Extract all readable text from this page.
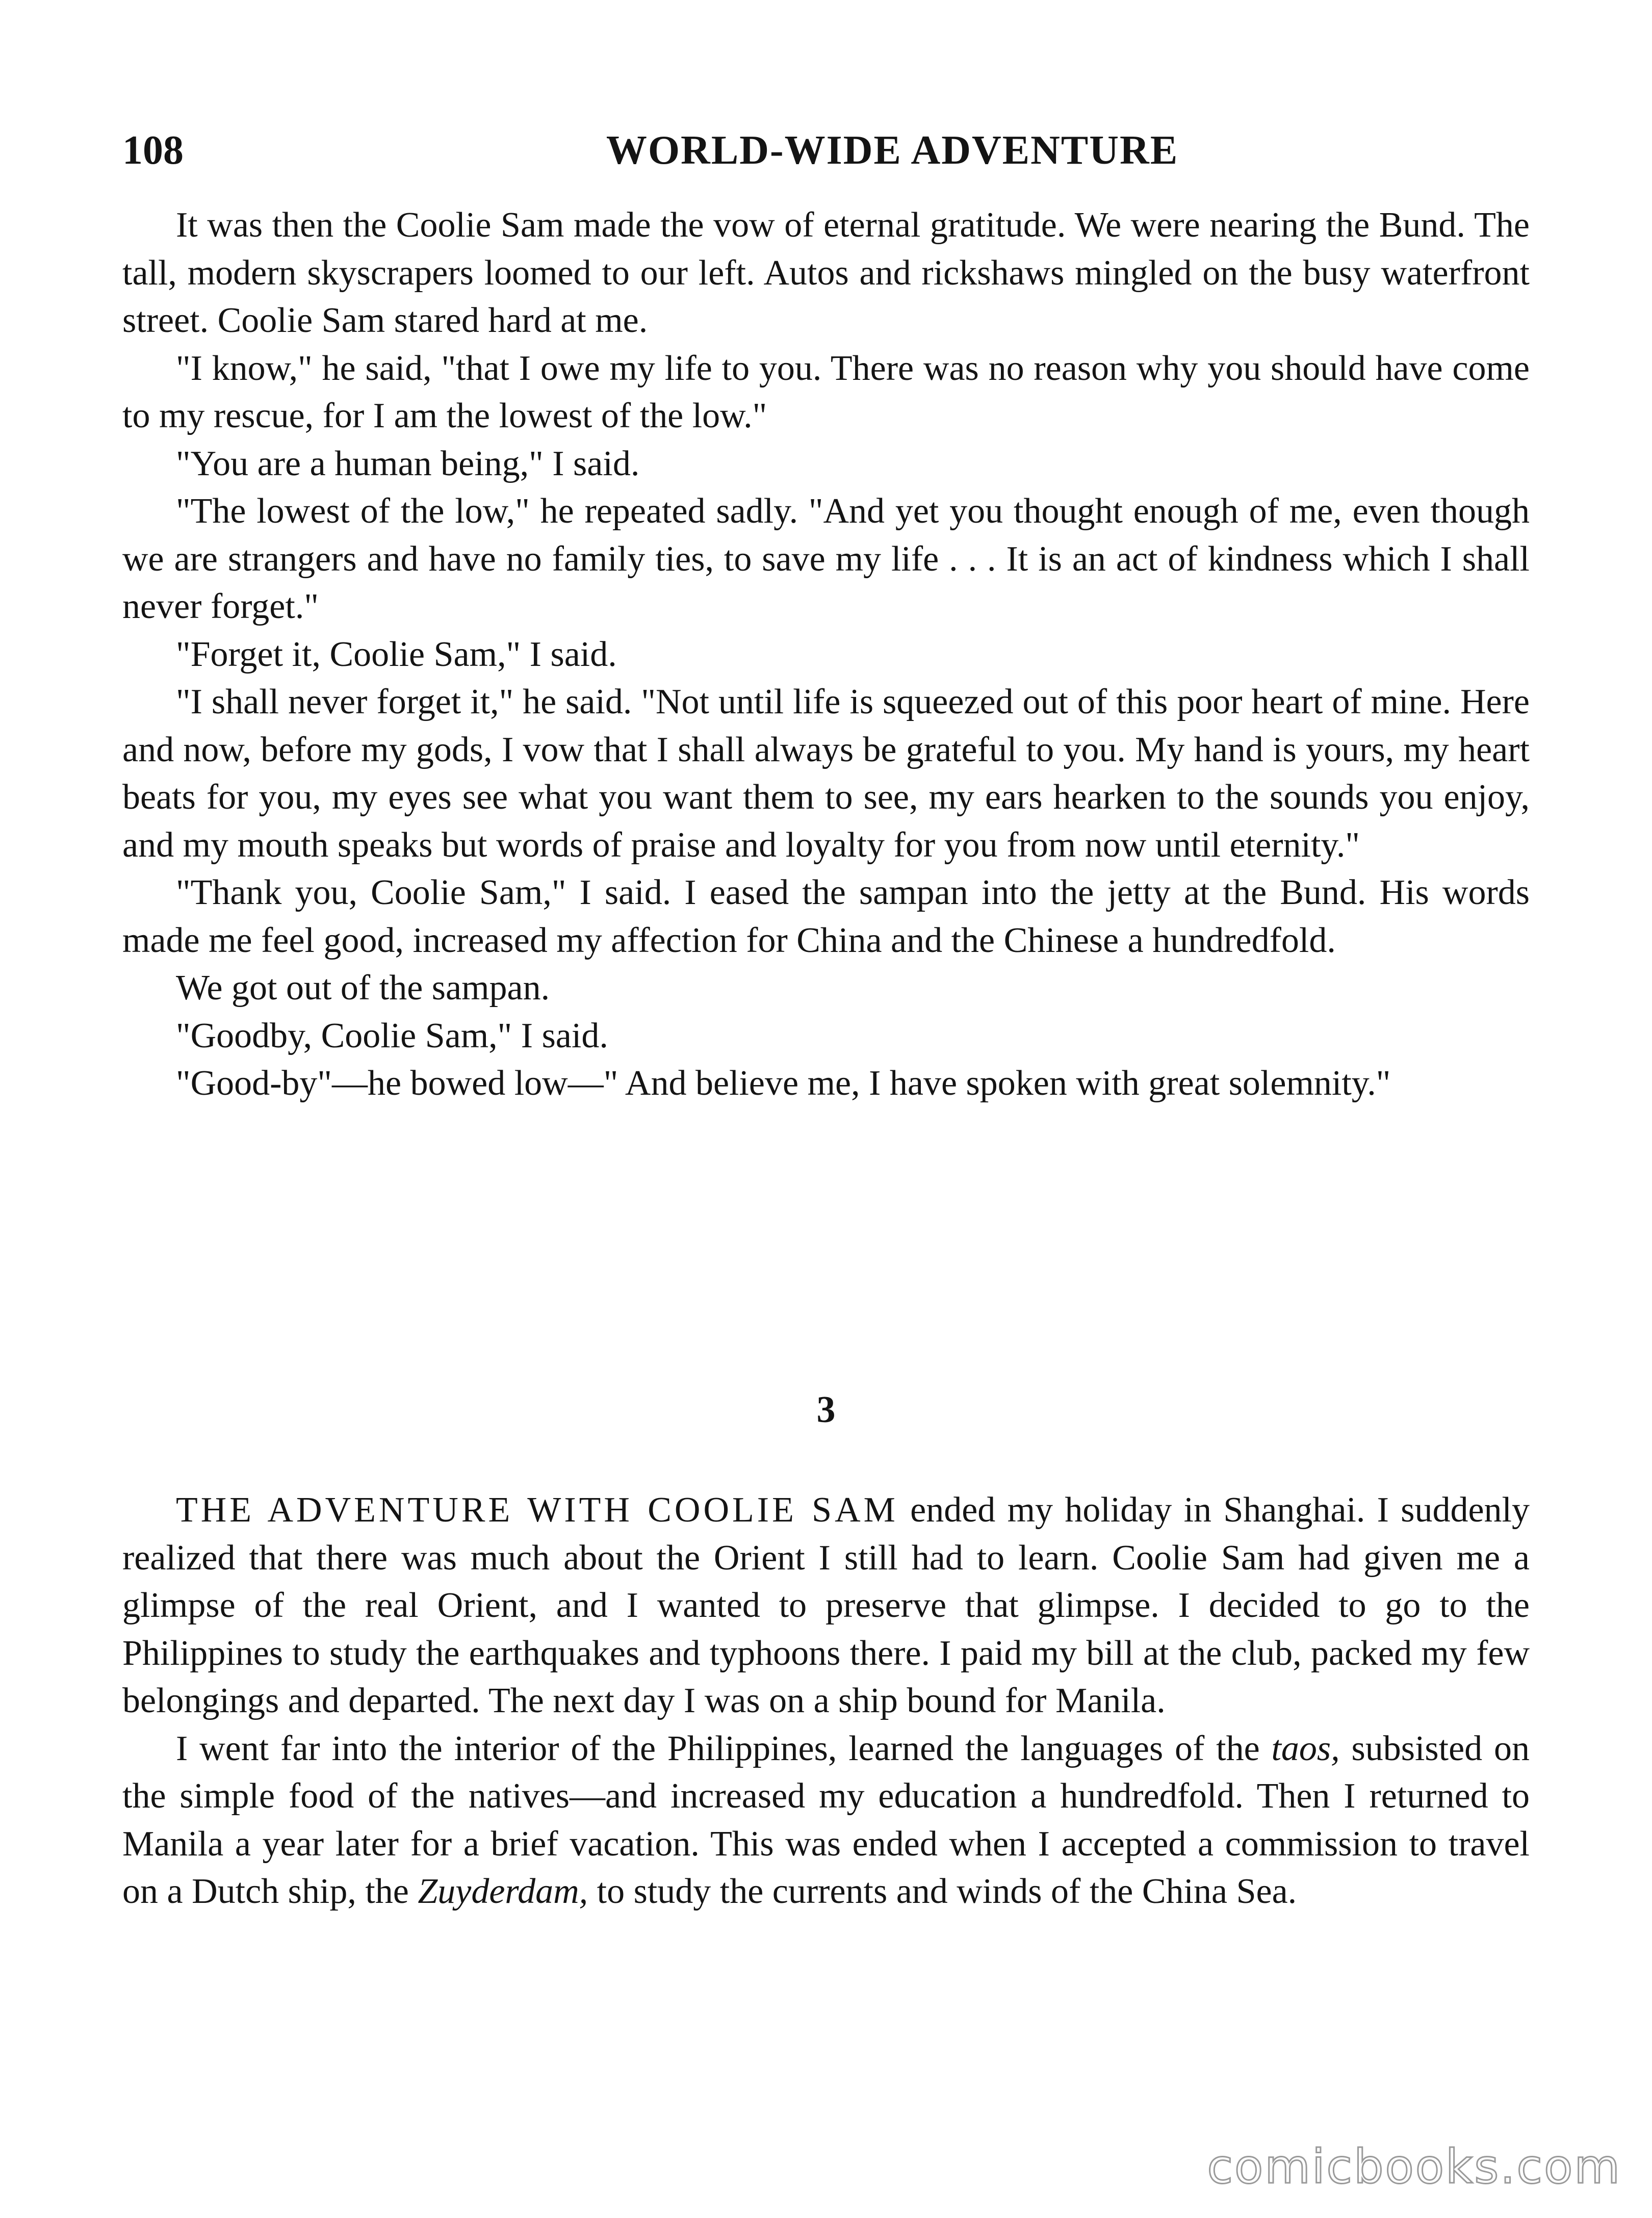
108	WORLD-WIDE ADVENTURE

It was then the Coolie Sam made the vow of eternal gratitude. We were nearing the Bund. The tall, modern skyscrapers loomed to our left. Autos and rickshaws mingled on the busy waterfront street. Coolie Sam stared hard at me.

"I know," he said, "that I owe my life to you. There was no reason why you should have come to my rescue, for I am the lowest of the low."

"You are a human being," I said.

"The lowest of the low," he repeated sadly. "And yet you thought enough of me, even though we are strangers and have no family ties, to save my life . . . It is an act of kindness which I shall never forget."

"Forget it, Coolie Sam," I said.

"I shall never forget it," he said. "Not until life is squeezed out of this poor heart of mine. Here and now, before my gods, I vow that I shall always be grateful to you. My hand is yours, my heart beats for you, my eyes see what you want them to see, my ears hearken to the sounds you enjoy, and my mouth speaks but words of praise and loyalty for you from now until eternity."

"Thank you, Coolie Sam," I said. I eased the sampan into the jetty at the Bund. His words made me feel good, increased my affection for China and the Chinese a hundredfold.

We got out of the sampan.

"Goodby, Coolie Sam," I said.

"Good-by"—he bowed low—" And believe me, I have spoken with great solemnity."

3

THE ADVENTURE WITH COOLIE SAM ended my holiday in Shanghai. I suddenly realized that there was much about the Orient I still had to learn. Coolie Sam had given me a glimpse of the real Orient, and I wanted to preserve that glimpse. I decided to go to the Philippines to study the earthquakes and typhoons there. I paid my bill at the club, packed my few belongings and departed. The next day I was on a ship bound for Manila.

I went far into the interior of the Philippines, learned the languages of the taos, subsisted on the simple food of the natives—and increased my education a hundredfold. Then I returned to Manila a year later for a brief vacation. This was ended when I accepted a commission to travel on a Dutch ship, the Zuyderdam, to study the currents and winds of the China Sea.

comicbooks.com
